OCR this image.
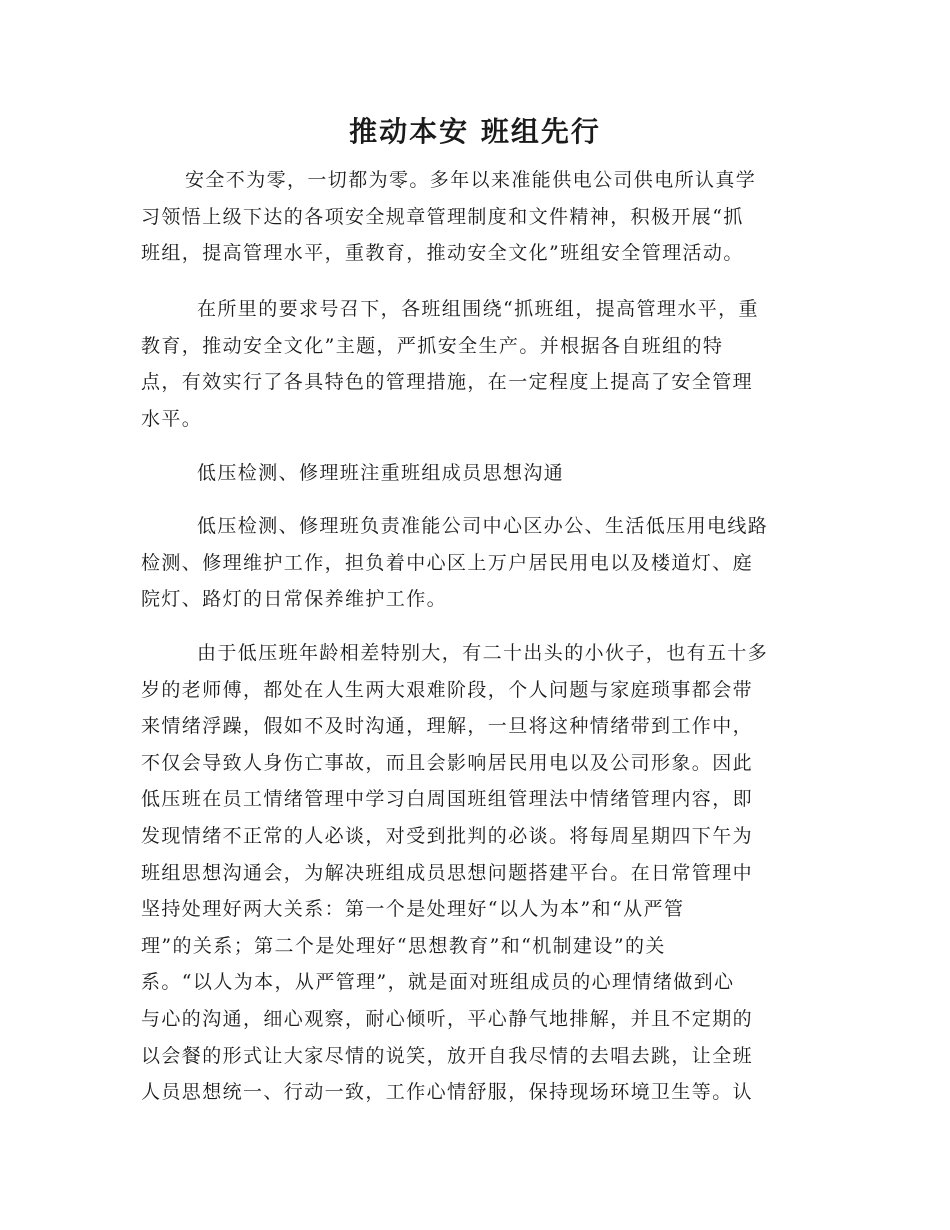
推动本安 班组先行
安全不为零，一切都为零。多年以来准能供电公司供电所认真学
习领悟上级下达的各项安全规章管理制度和文件精神，积极开展“抓
班组，提高管理水平，重教育，推动安全文化”班组安全管理活动。
在所里的要求号召下，各班组围绕“抓班组，提高管理水平，重
教育，推动安全文化”主题，严抓安全生产。并根据各自班组的特
点，有效实行了各具特色的管理措施，在一定程度上提高了安全管理
水平。
低压检测、修理班注重班组成员思想沟通
低压检测、修理班负责准能公司中心区办公、生活低压用电线路
检测、修理维护工作，担负着中心区上万户居民用电以及楼道灯、庭
院灯、路灯的日常保养维护工作。
由于低压班年龄相差特别大，有二十出头的小伙子，也有五十多
岁的老师傅，都处在人生两大艰难阶段，个人问题与家庭琐事都会带
来情绪浮躁，假如不及时沟通，理解，一旦将这种情绪带到工作中，
不仅会导致人身伤亡事故，而且会影响居民用电以及公司形象。因此
低压班在员工情绪管理中学习白周国班组管理法中情绪管理内容，即
发现情绪不正常的人必谈，对受到批判的必谈。将每周星期四下午为
班组思想沟通会，为解决班组成员思想问题搭建平台。在日常管理中
坚持处理好两大关系：第一个是处理好“以人为本”和“从严管
理”的关系；第二个是处理好“思想教育”和“机制建设”的关
系。“以人为本，从严管理”，就是面对班组成员的心理情绪做到心
与心的沟通，细心观察，耐心倾听，平心静气地排解，并且不定期的
以会餐的形式让大家尽情的说笑，放开自我尽情的去唱去跳，让全班
人员思想统一、行动一致，工作心情舒服，保持现场环境卫生等。认
